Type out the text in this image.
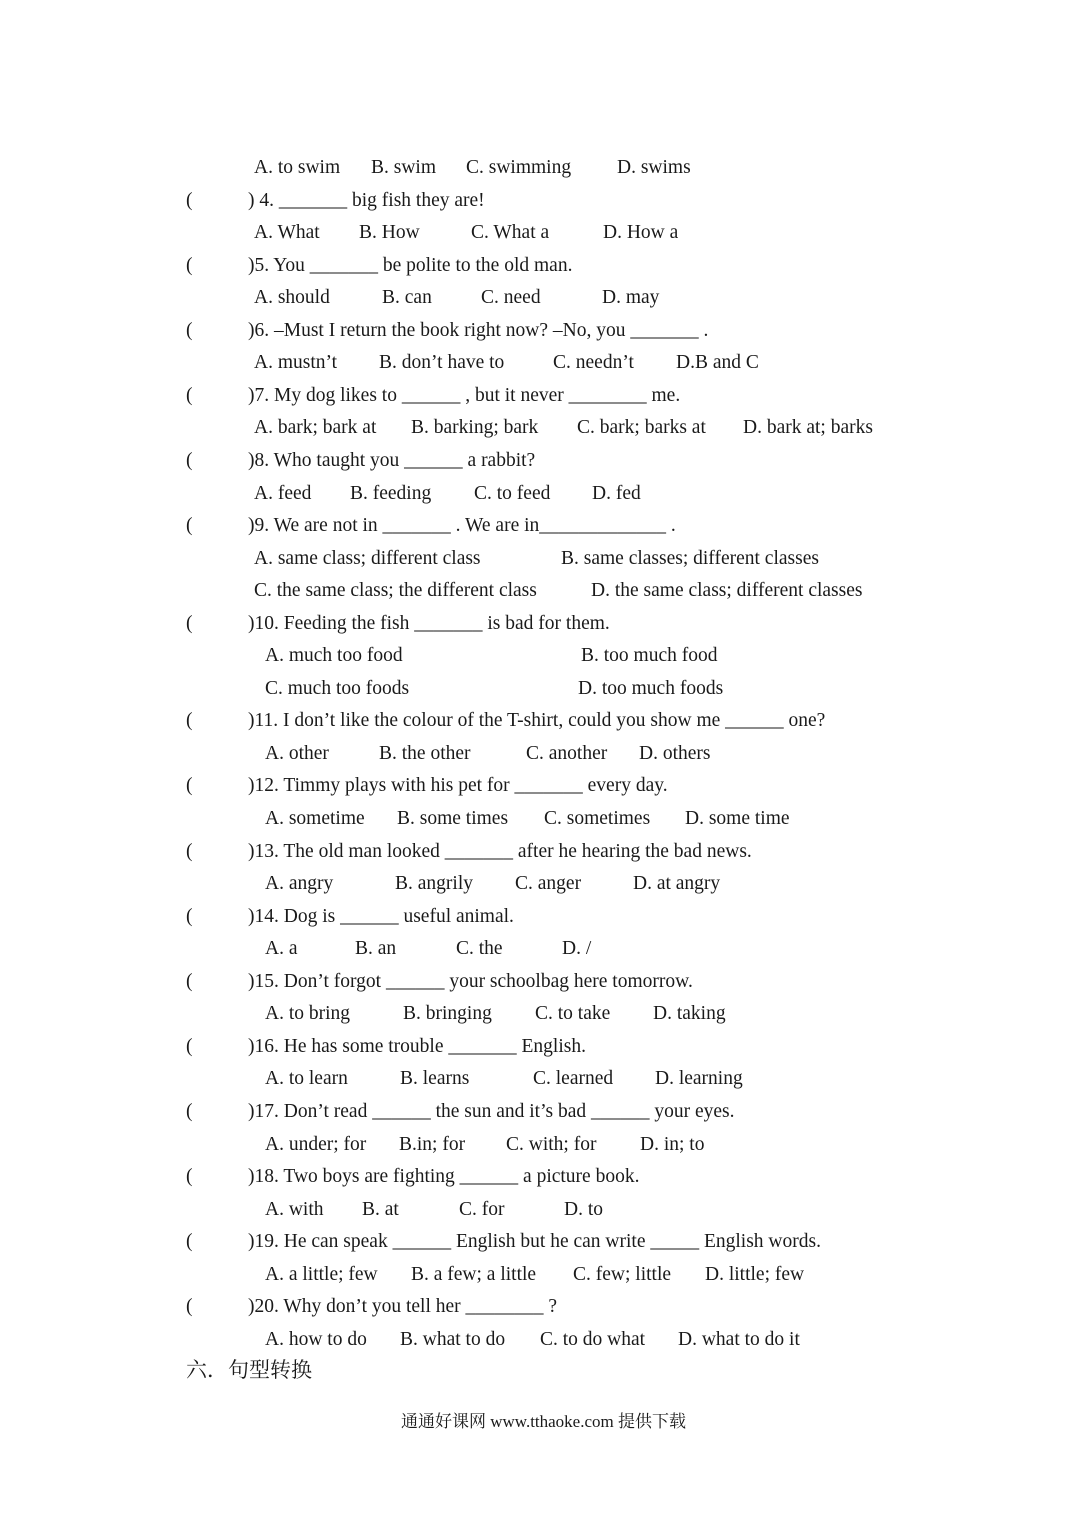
A. to swim B. swim C. swimming D. swims
(	) 4. _______ big fish they are!
A. What B. How	C. What a	D. How a
(	)5. You _______ be polite to the old man.
A. should	B. can	C. need	D. may
(	)6. –Must I return the book right now? –No, you _______ .
A. mustn’t B. don’t have to C. needn’t D.B and C
(	)7. My dog likes to ______ , but it never ________ me.
A. bark; bark at B. barking; bark C. bark; barks at D. bark at; barks
(	)8. Who taught you ______ a rabbit?
A. feed B. feeding C. to feed D. fed
(	)9. We are not in _______ . We are in_____________ .
A. same class; different class	B. same classes; different classes
C. the same class; the different class	D. the same class; different classes
(	)10. Feeding the fish _______ is bad for them.
A. much too food	B. too much food
C. much too foods	D. too much foods
(	)11. I don’t like the colour of the T-shirt, could you show me ______ one?
A. other	B. the other	C. another D. others
(	)12. Timmy plays with his pet for _______ every day.
A. sometime B. some times C. sometimes D. some time
(	)13. The old man looked _______ after he hearing the bad news.
A. angry	B. angrily C. anger	D. at angry
(	)14. Dog is ______ useful animal.
A. a	B. an	C. the	D. /
(	)15. Don’t forgot ______ your schoolbag here tomorrow.
A. to bring	B. bringing C. to take D. taking
(	)16. He has some trouble _______ English.
A. to learn	B. learns	C. learned D. learning
(	)17. Don’t read ______ the sun and it’s bad ______ your eyes.
A. under; for B.in; for C. with; for D. in; to
(	)18. Two boys are fighting ______ a picture book.
A. with B. at	C. for	D. to
(	)19. He can speak ______ English but he can write _____ English words.
A. a little; few B. a few; a little C. few; little D. little; few
(	)20. Why don’t you tell her ________ ?
A. how to do B. what to do C. to do what D. what to do it
六．句型转换
通通好课网 www.tthaoke.com 提供下载
